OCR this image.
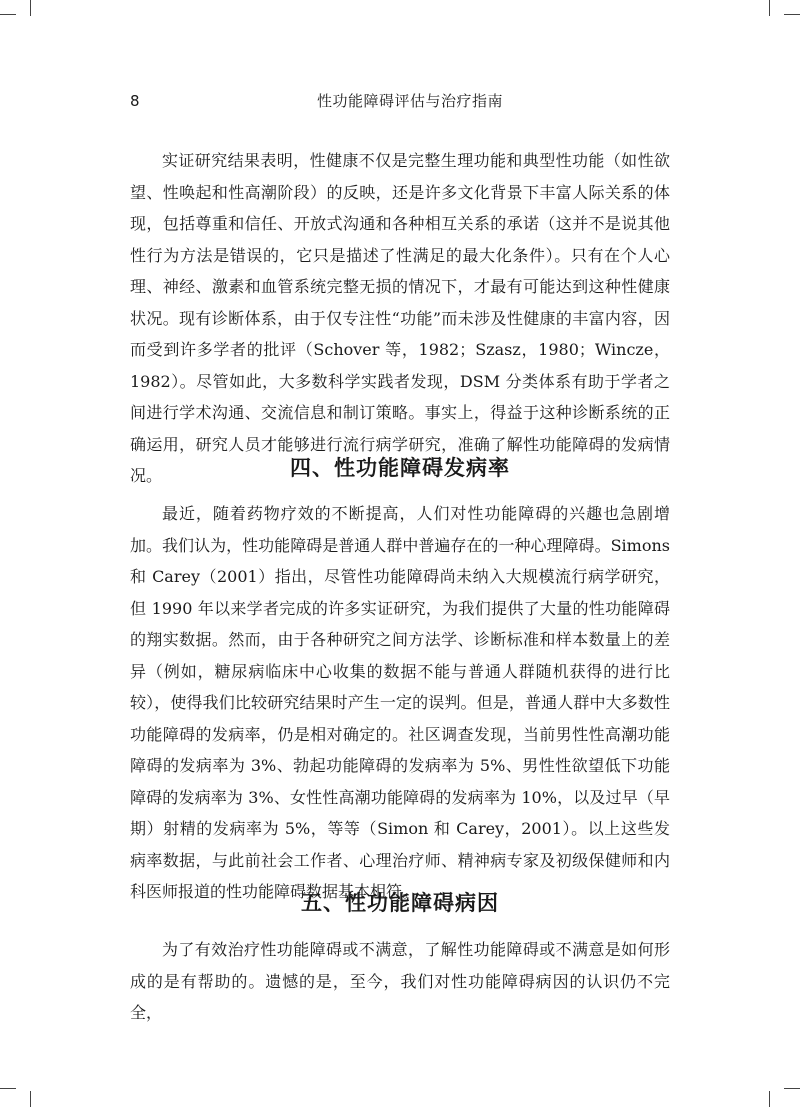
8	性功能障碍评估与治疗指南

实证研究结果表明，性健康不仅是完整生理功能和典型性功能（如性欲望、性唤起和性高潮阶段）的反映，还是许多文化背景下丰富人际关系的体现，包括尊重和信任、开放式沟通和各种相互关系的承诺（这并不是说其他性行为方法是错误的，它只是描述了性满足的最大化条件）。只有在个人心理、神经、激素和血管系统完整无损的情况下，才最有可能达到这种性健康状况。现有诊断体系，由于仅专注性“功能”而未涉及性健康的丰富内容，因而受到许多学者的批评（Schover 等，1982；Szasz，1980；Wincze，1982）。尽管如此，大多数科学实践者发现，DSM 分类体系有助于学者之间进行学术沟通、交流信息和制订策略。事实上，得益于这种诊断系统的正确运用，研究人员才能够进行流行病学研究，准确了解性功能障碍的发病情况。	四、性功能障碍发病率

最近，随着药物疗效的不断提高，人们对性功能障碍的兴趣也急剧增加。我们认为，性功能障碍是普通人群中普遍存在的一种心理障碍。Simons 和 Carey（2001）指出，尽管性功能障碍尚未纳入大规模流行病学研究，但 1990 年以来学者完成的许多实证研究，为我们提供了大量的性功能障碍的翔实数据。然而，由于各种研究之间方法学、诊断标准和样本数量上的差异（例如，糖尿病临床中心收集的数据不能与普通人群随机获得的进行比较），使得我们比较研究结果时产生一定的误判。但是，普通人群中大多数性功能障碍的发病率，仍是相对确定的。社区调查发现，当前男性性高潮功能障碍的发病率为 3%、勃起功能障碍的发病率为 5%、男性性欲望低下功能障碍的发病率为 3%、女性性高潮功能障碍的发病率为 10%，以及过早（早期）射精的发病率为 5%，等等（Simon 和 Carey，2001）。以上这些发病率数据，与此前社会工作者、心理治疗师、精神病专家及初级保健师和内科医师报道的性功能障碍数据基本相符。

五、性功能障碍病因

为了有效治疗性功能障碍或不满意，了解性功能障碍或不满意是如何形成的是有帮助的。遗憾的是，至今，我们对性功能障碍病因的认识仍不完全，
